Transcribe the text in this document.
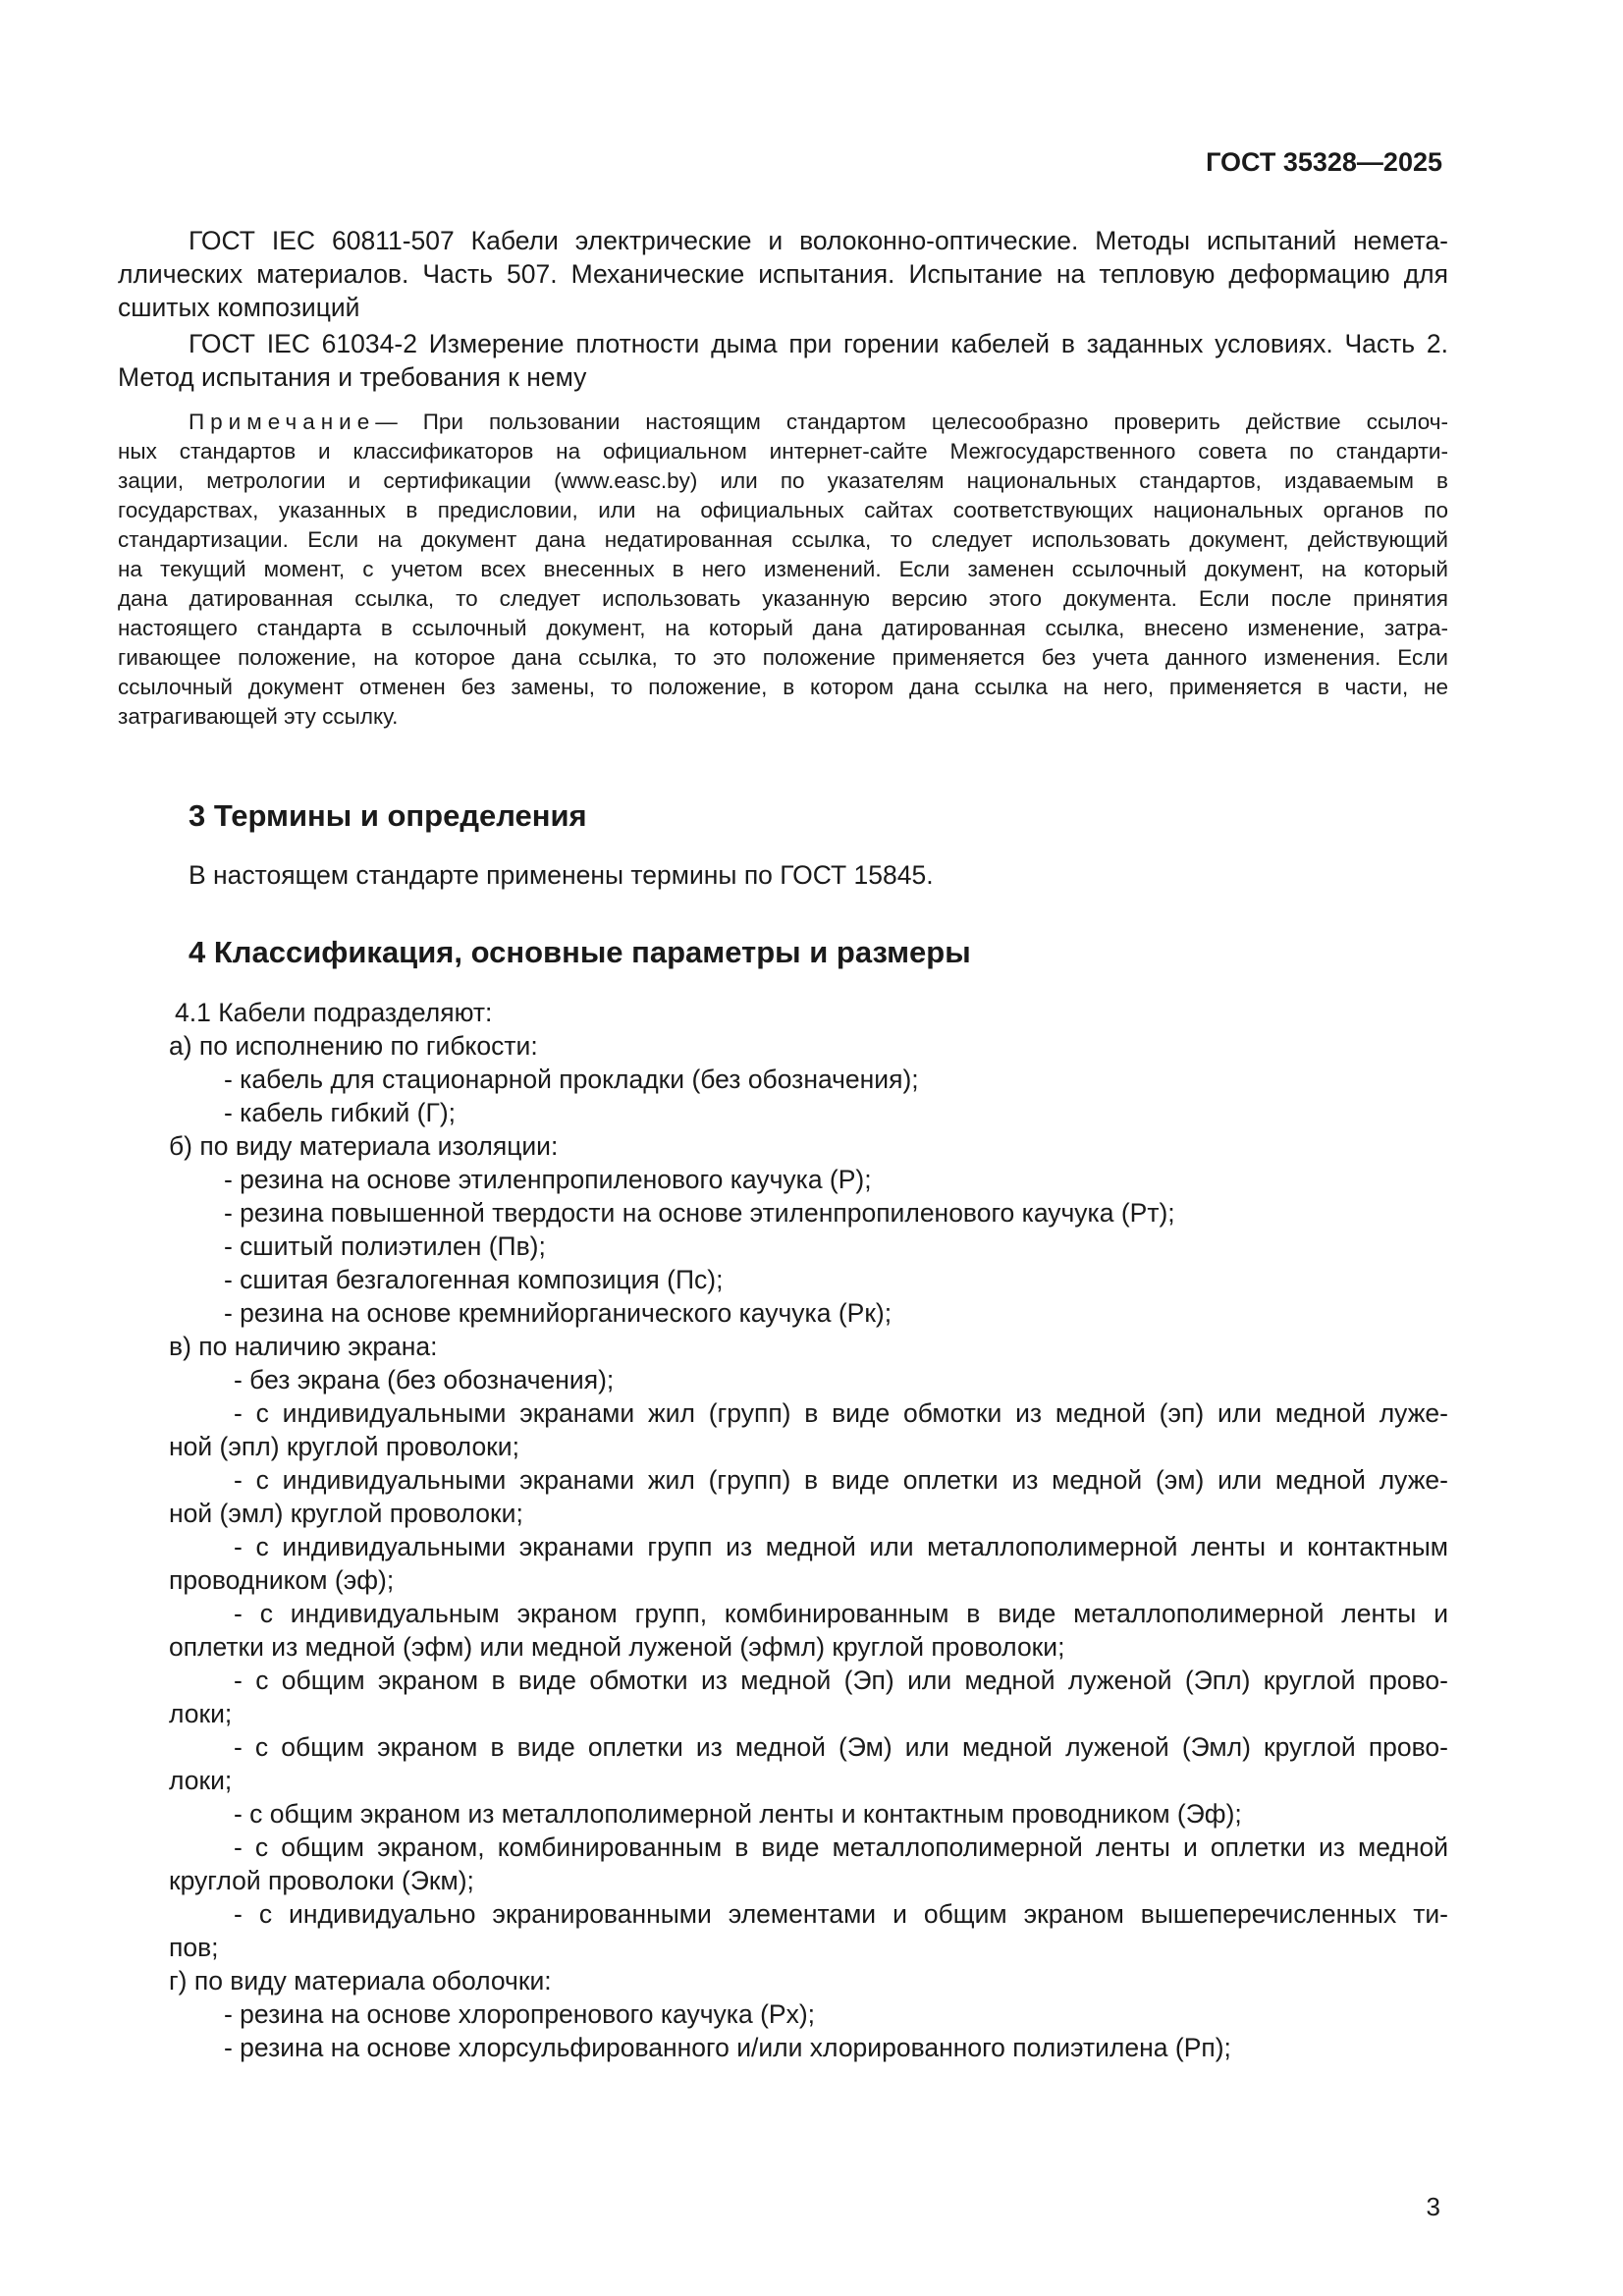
ГОСТ 35328—2025
ГОСТ IEC 60811-507 Кабели электрические и волоконно-оптические. Методы испытаний немета-
ллических материалов. Часть 507. Механические испытания. Испытание на тепловую деформацию для
сшитых композиций
ГОСТ IEC 61034-2 Измерение плотности дыма при горении кабелей в заданных условиях. Часть 2.
Метод испытания и требования к нему
Примечание — При пользовании настоящим стандартом целесообразно проверить действие ссылоч-
ных стандартов и классификаторов на официальном интернет-сайте Межгосударственного совета по стандарти-
зации, метрологии и сертификации (www.easc.by) или по указателям национальных стандартов, издаваемым в
государствах, указанных в предисловии, или на официальных сайтах соответствующих национальных органов по
стандартизации. Если на документ дана недатированная ссылка, то следует использовать документ, действующий
на текущий момент, с учетом всех внесенных в него изменений. Если заменен ссылочный документ, на который
дана датированная ссылка, то следует использовать указанную версию этого документа. Если после принятия
настоящего стандарта в ссылочный документ, на который дана датированная ссылка, внесено изменение, затра-
гивающее положение, на которое дана ссылка, то это положение применяется без учета данного изменения. Если
ссылочный документ отменен без замены, то положение, в котором дана ссылка на него, применяется в части, не
затрагивающей эту ссылку.
3 Термины и определения
В настоящем стандарте применены термины по ГОСТ 15845.
4 Классификация, основные параметры и размеры
4.1 Кабели подразделяют:
а) по исполнению по гибкости:
- кабель для стационарной прокладки (без обозначения);
- кабель гибкий (Г);
б) по виду материала изоляции:
- резина на основе этиленпропиленового каучука (Р);
- резина повышенной твердости на основе этиленпропиленового каучука (Рт);
- сшитый полиэтилен (Пв);
- сшитая безгалогенная композиция (Пс);
- резина на основе кремнийорганического каучука (Рк);
в) по наличию экрана:
- без экрана (без обозначения);
- с индивидуальными экранами жил (групп) в виде обмотки из медной (эп) или медной луже-
ной (эпл) круглой проволоки;
- с индивидуальными экранами жил (групп) в виде оплетки из медной (эм) или медной луже-
ной (эмл) круглой проволоки;
- с индивидуальными экранами групп из медной или металлополимерной ленты и контактным
проводником (эф);
- с индивидуальным экраном групп, комбинированным в виде металлополимерной ленты и
оплетки из медной (эфм) или медной луженой (эфмл) круглой проволоки;
- с общим экраном в виде обмотки из медной (Эп) или медной луженой (Эпл) круглой прово-
локи;
- с общим экраном в виде оплетки из медной (Эм) или медной луженой (Эмл) круглой прово-
локи;
- с общим экраном из металлополимерной ленты и контактным проводником (Эф);
- с общим экраном, комбинированным в виде металлополимерной ленты и оплетки из медной
круглой проволоки (Экм);
- с индивидуально экранированными элементами и общим экраном вышеперечисленных ти-
пов;
г) по виду материала оболочки:
- резина на основе хлоропренового каучука (Рх);
- резина на основе хлорсульфированного и/или хлорированного полиэтилена (Рп);
3
